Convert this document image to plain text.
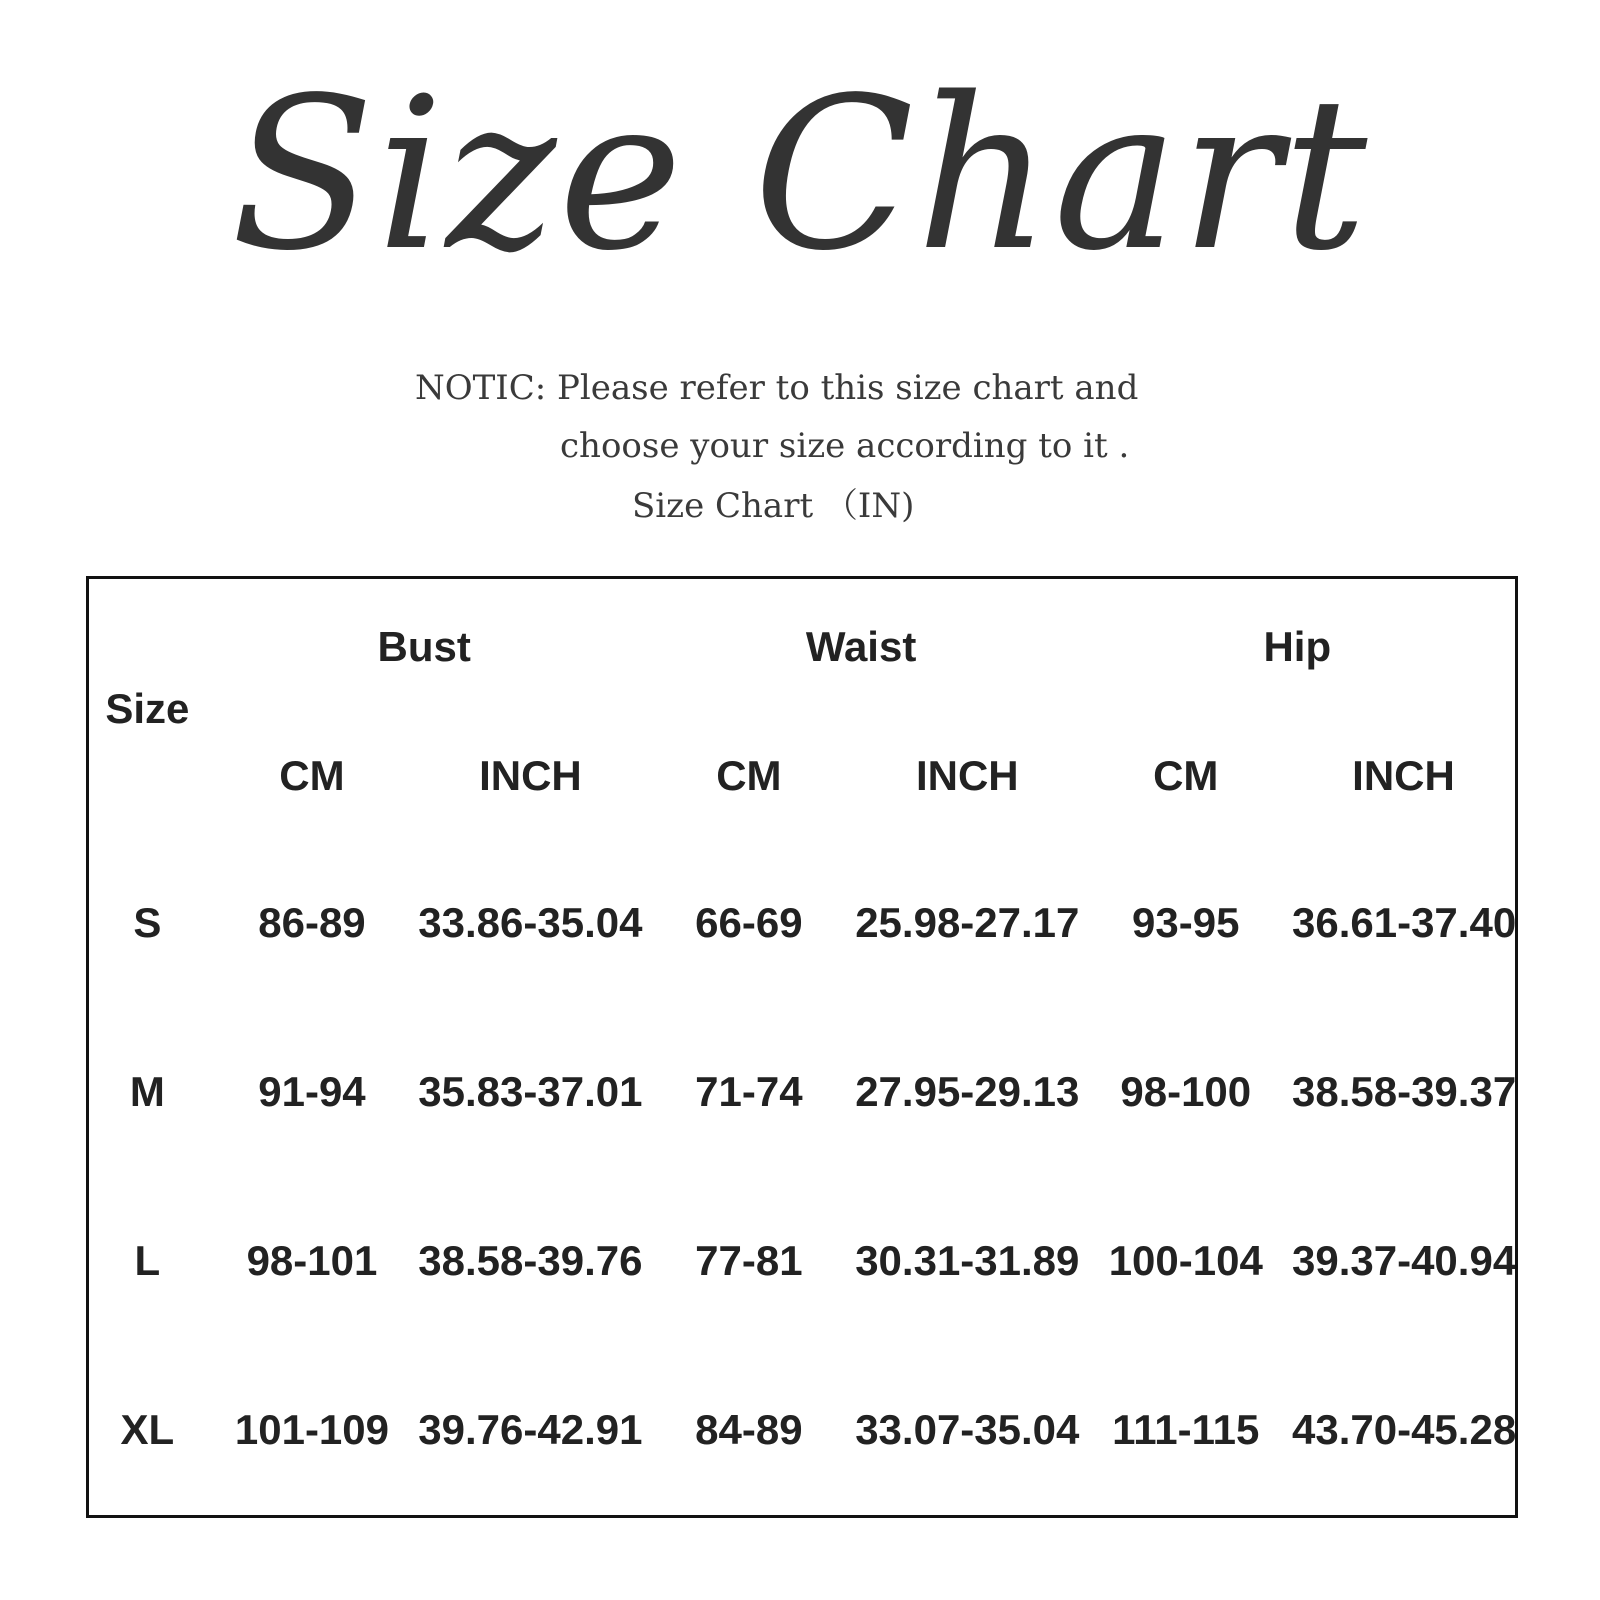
Size Chart
NOTIC: Please refer to this size chart and
choose your size according to it .
Size Chart （IN)
Size	Bust		Waist		Hip	
	CM	INCH	CM	INCH	CM	INCH
S	86-89	33.86-35.04	66-69	25.98-27.17	93-95	36.61-37.40
M	91-94	35.83-37.01	71-74	27.95-29.13	98-100	38.58-39.37
L	98-101	38.58-39.76	77-81	30.31-31.89	100-104	39.37-40.94
XL	101-109	39.76-42.91	84-89	33.07-35.04	111-115	43.70-45.28
